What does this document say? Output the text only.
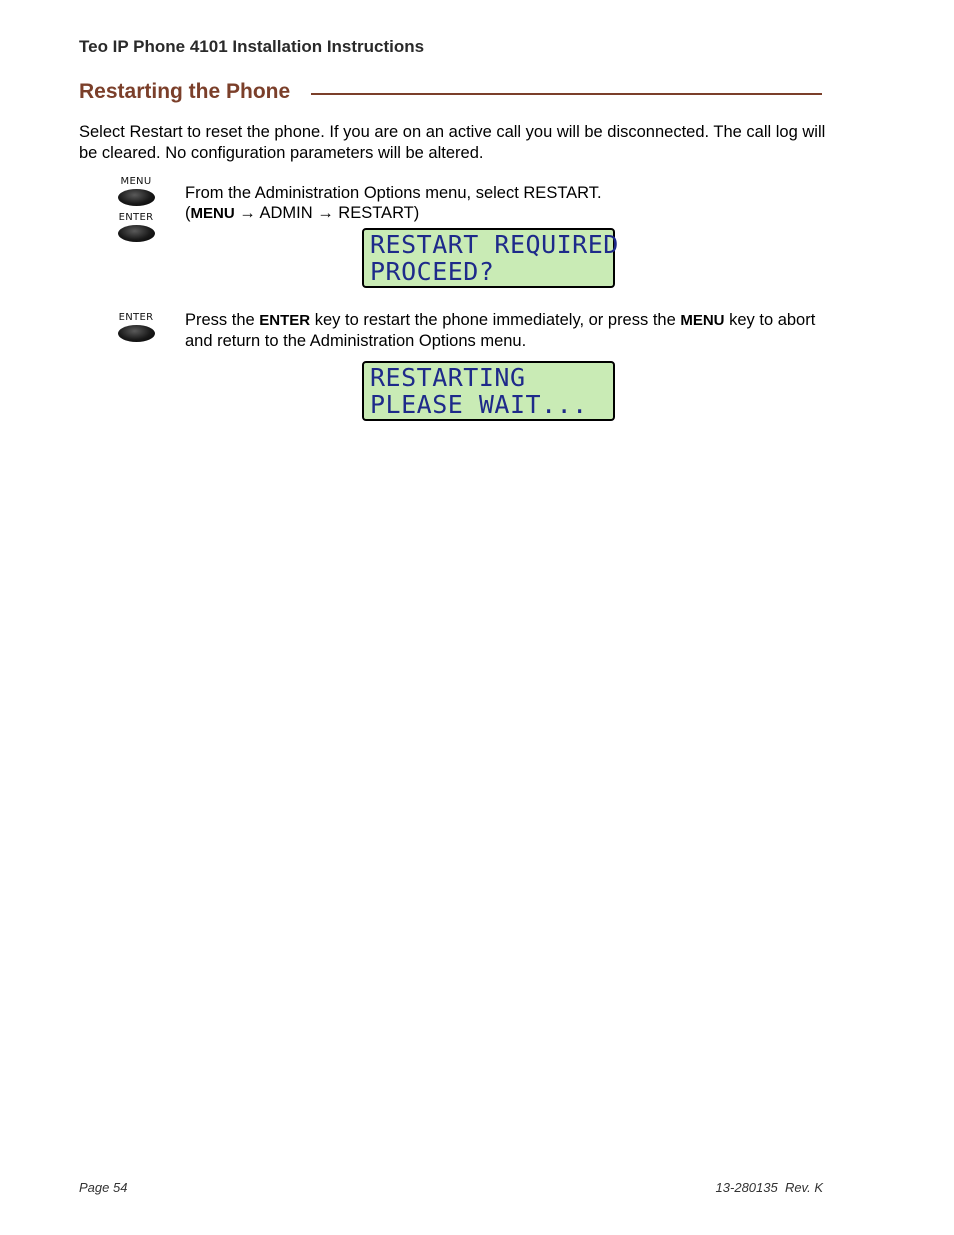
Teo IP Phone 4101 Installation Instructions
Restarting the Phone

Select Restart to reset the phone. If you are on an active call you will be disconnected. The call log will be cleared. No configuration parameters will be altered.

MENU
ENTER
From the Administration Options menu, select RESTART.
(MENU → ADMIN → RESTART)
RESTART REQUIRED
PROCEED?
ENTER	Press the ENTER key to restart the phone immediately, or press the MENU key to abort and return to the Administration Options menu.
RESTARTING
PLEASE WAIT...
Page 54	13-280135  Rev. K
